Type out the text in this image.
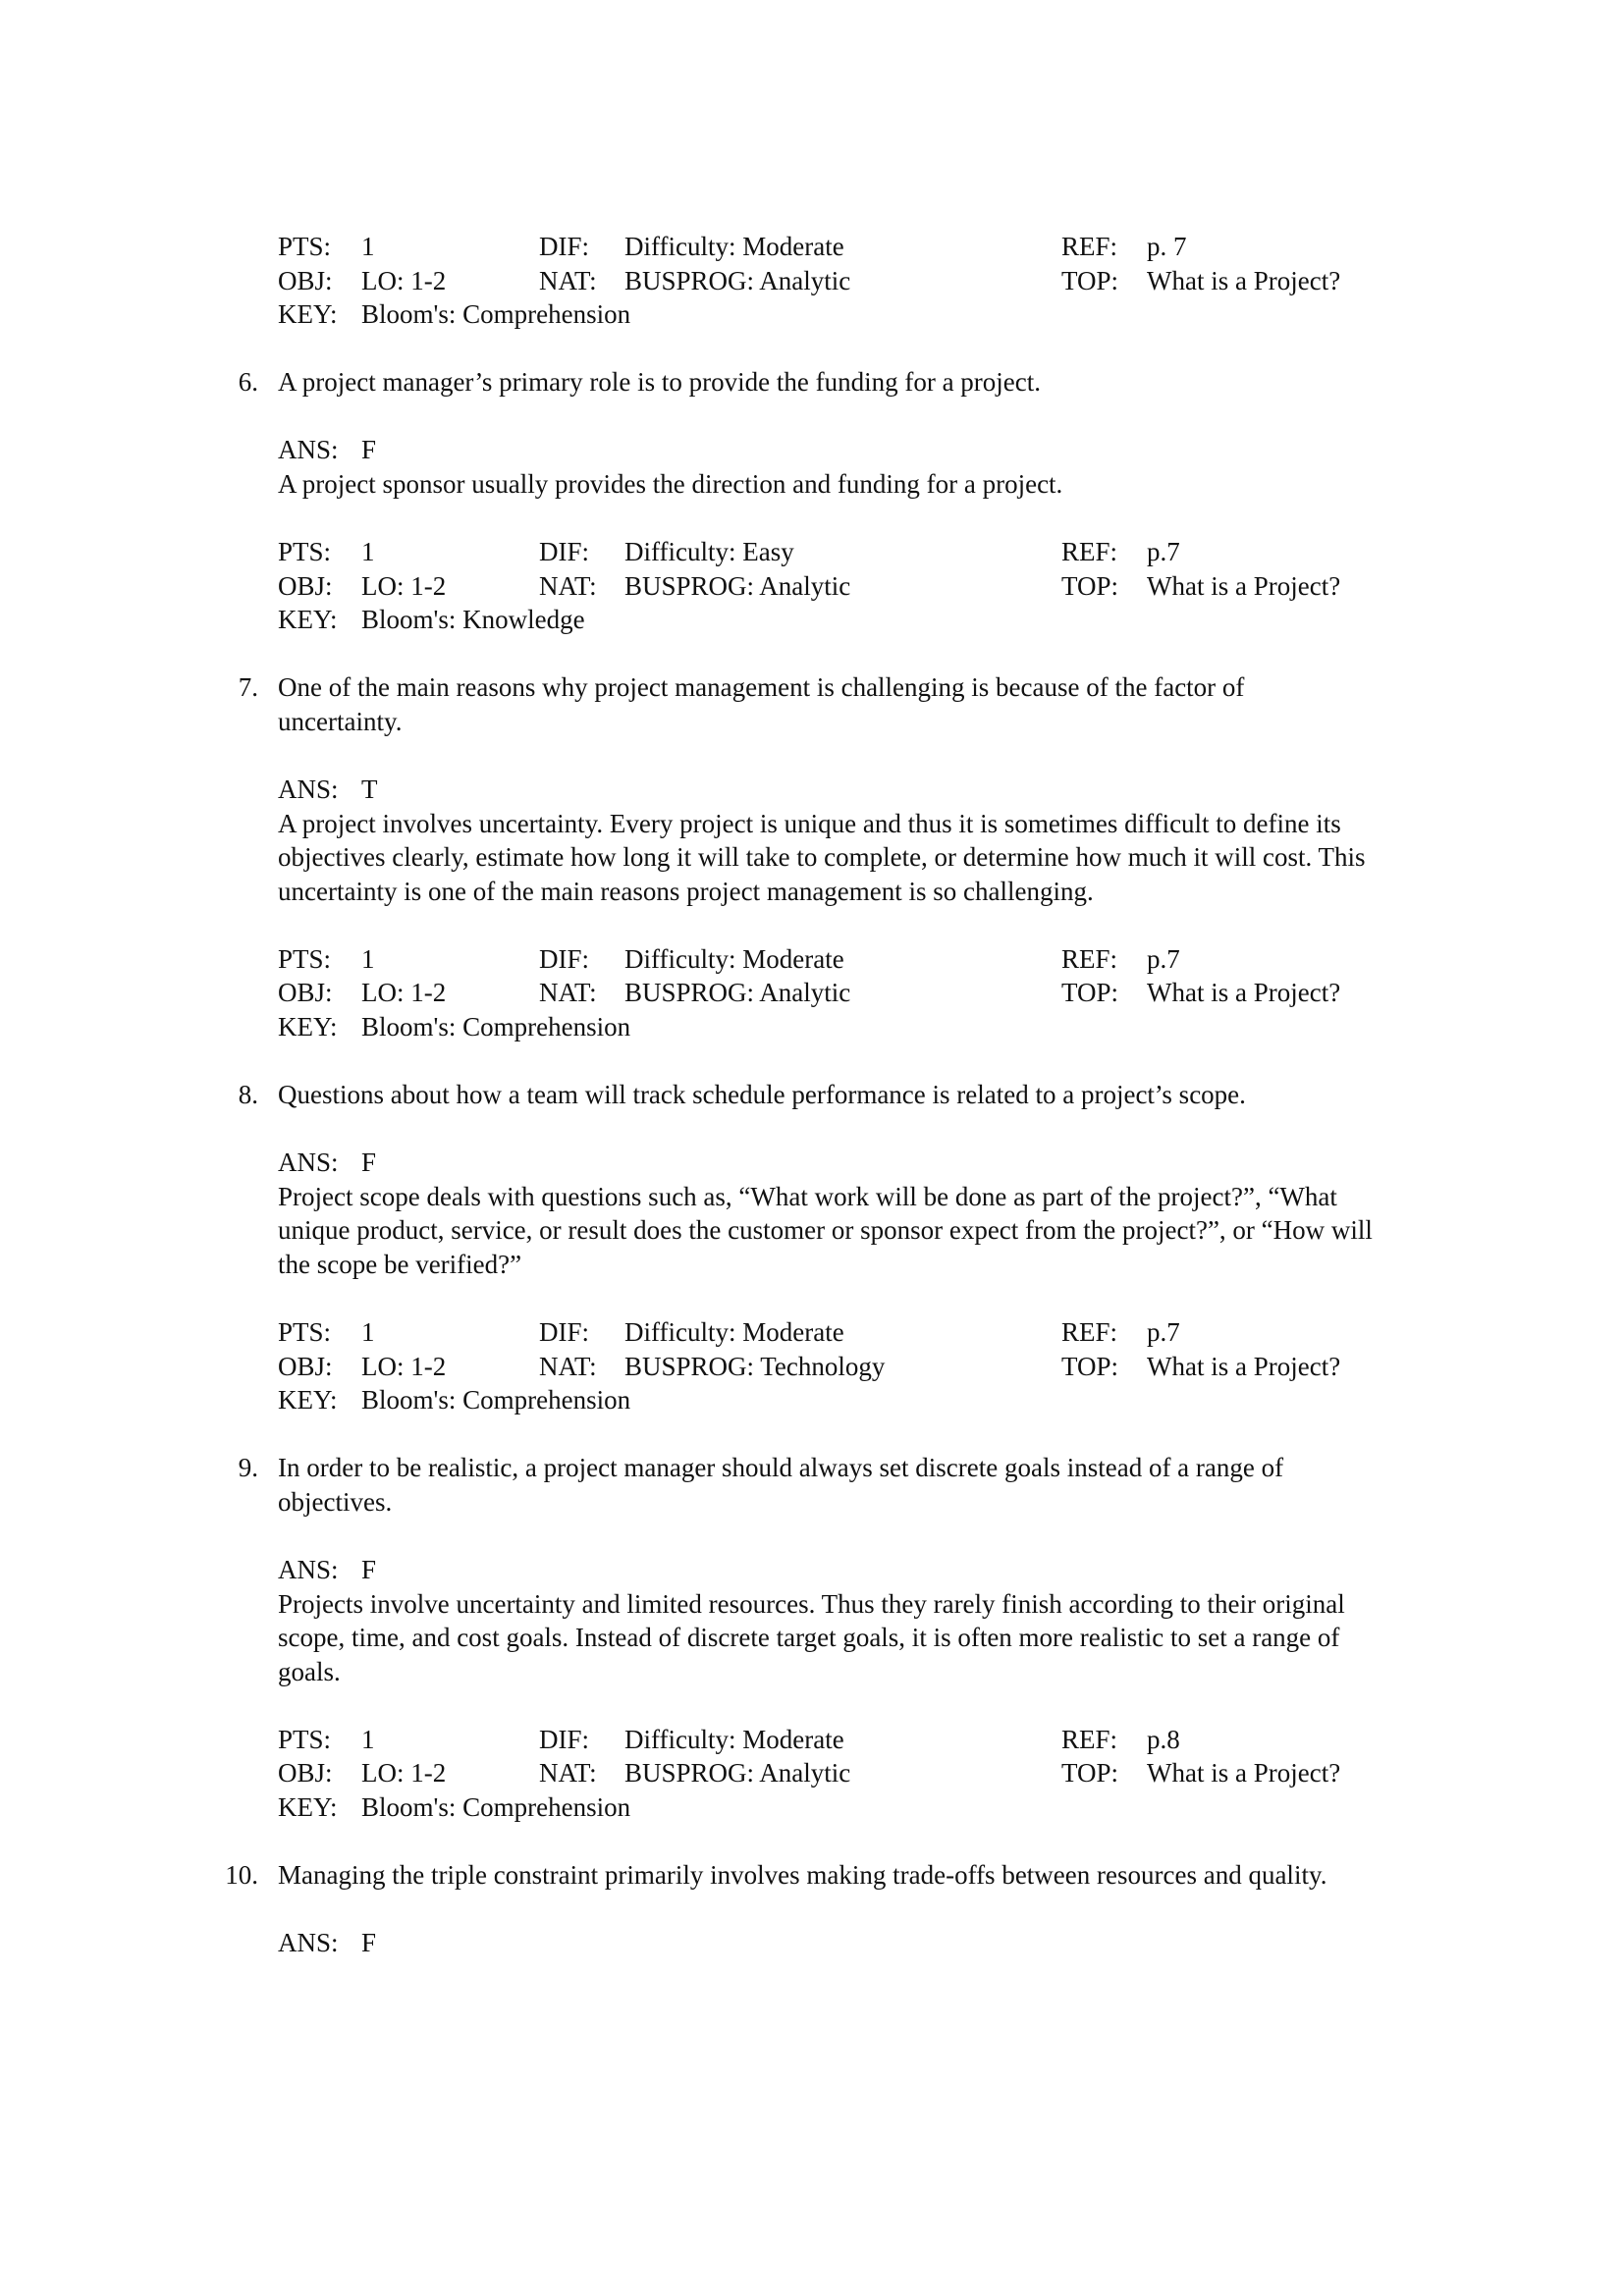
PTS: 1	DIF: Difficulty: Moderate	REF: p. 7
OBJ: LO: 1-2	NAT: BUSPROG: Analytic	TOP: What is a Project?
KEY: Bloom's: Comprehension
6. A project manager’s primary role is to provide the funding for a project.
ANS: F
A project sponsor usually provides the direction and funding for a project.
PTS: 1	DIF: Difficulty: Easy	REF: p.7
OBJ: LO: 1-2	NAT: BUSPROG: Analytic	TOP: What is a Project?
KEY: Bloom's: Knowledge
7. One of the main reasons why project management is challenging is because of the factor of
uncertainty.
ANS: T
A project involves uncertainty. Every project is unique and thus it is sometimes difficult to define its
objectives clearly, estimate how long it will take to complete, or determine how much it will cost. This
uncertainty is one of the main reasons project management is so challenging.
PTS: 1	DIF: Difficulty: Moderate	REF: p.7
OBJ: LO: 1-2	NAT: BUSPROG: Analytic	TOP: What is a Project?
KEY: Bloom's: Comprehension
8. Questions about how a team will track schedule performance is related to a project’s scope.
ANS: F
Project scope deals with questions such as, “What work will be done as part of the project?”, “What
unique product, service, or result does the customer or sponsor expect from the project?”, or “How will
the scope be verified?”
PTS: 1	DIF: Difficulty: Moderate	REF: p.7
OBJ: LO: 1-2	NAT: BUSPROG: Technology	TOP: What is a Project?
KEY: Bloom's: Comprehension
9. In order to be realistic, a project manager should always set discrete goals instead of a range of
objectives.
ANS: F
Projects involve uncertainty and limited resources. Thus they rarely finish according to their original
scope, time, and cost goals. Instead of discrete target goals, it is often more realistic to set a range of
goals.
PTS: 1	DIF: Difficulty: Moderate	REF: p.8
OBJ: LO: 1-2	NAT: BUSPROG: Analytic	TOP: What is a Project?
KEY: Bloom's: Comprehension
10. Managing the triple constraint primarily involves making trade-offs between resources and quality.
ANS: F
